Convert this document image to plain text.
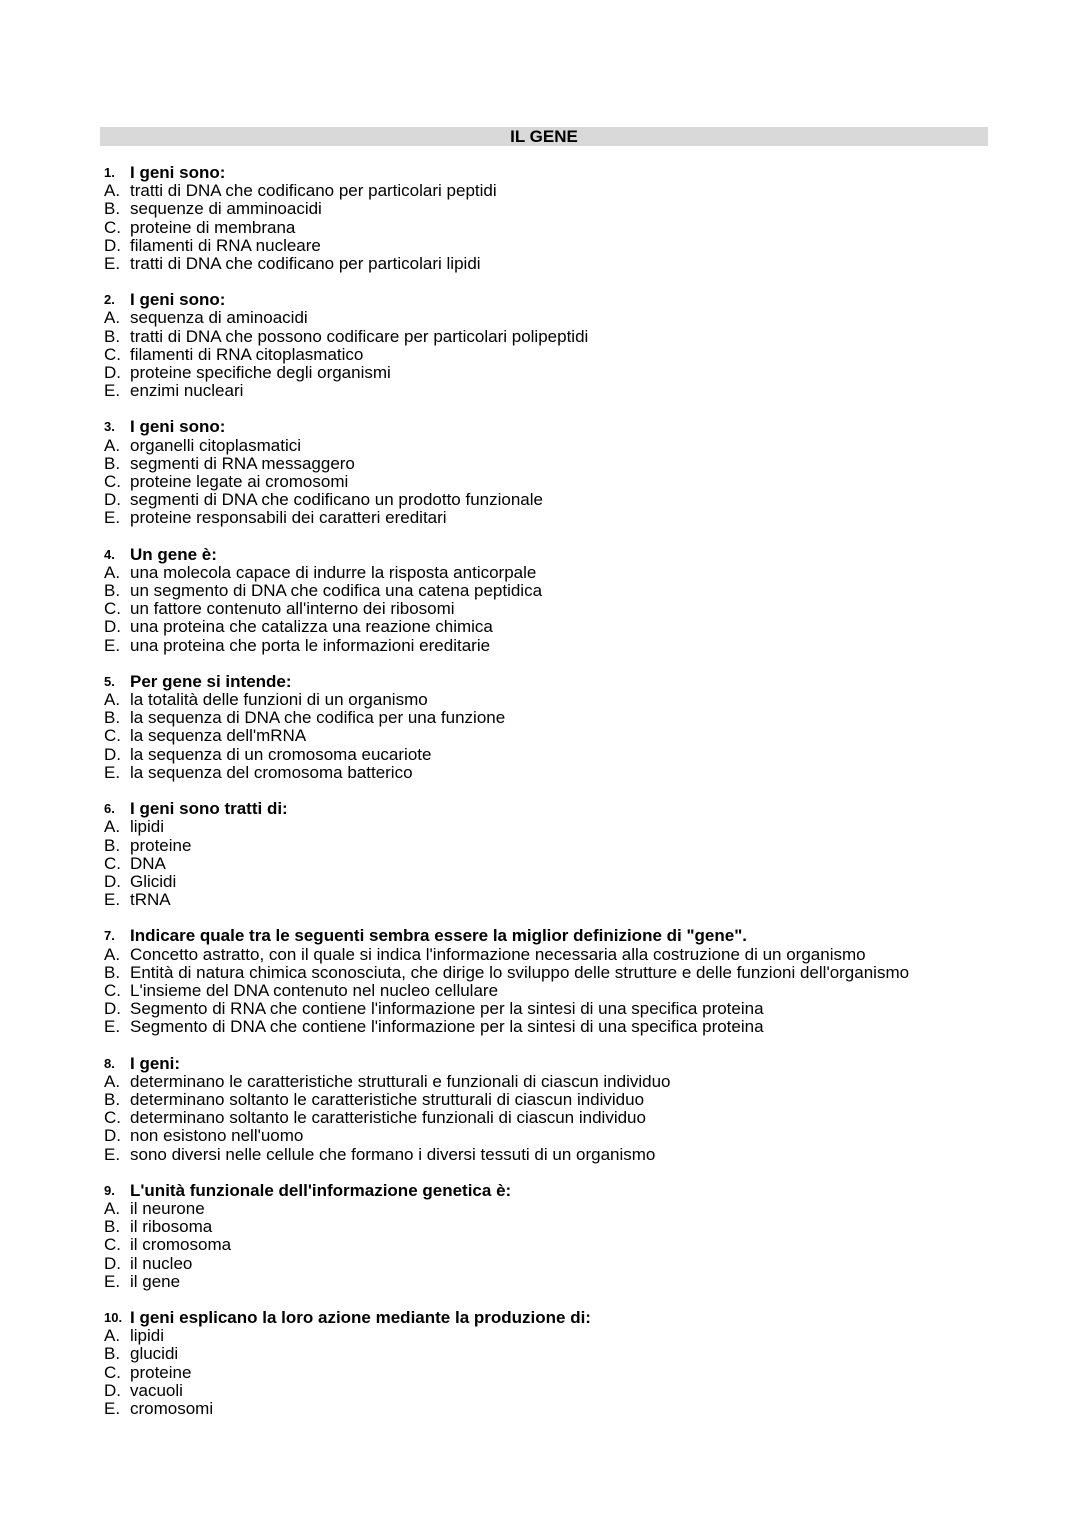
IL GENE
1. I geni sono:
A. tratti di DNA che codificano per particolari peptidi
B. sequenze di amminoacidi
C. proteine di membrana
D. filamenti di RNA nucleare
E. tratti di DNA che codificano per particolari lipidi
2. I geni sono:
A. sequenza di aminoacidi
B. tratti di DNA che possono codificare per particolari polipeptidi
C. filamenti di RNA citoplasmatico
D. proteine specifiche degli organismi
E. enzimi nucleari
3. I geni sono:
A. organelli citoplasmatici
B. segmenti di RNA messaggero
C. proteine legate ai cromosomi
D. segmenti di DNA che codificano un prodotto funzionale
E. proteine responsabili dei caratteri ereditari
4. Un gene è:
A. una molecola capace di indurre la risposta anticorpale
B. un segmento di DNA che codifica una catena peptidica
C. un fattore contenuto all'interno dei ribosomi
D. una proteina che catalizza una reazione chimica
E. una proteina che porta le informazioni ereditarie
5. Per gene si intende:
A. la totalità delle funzioni di un organismo
B. la sequenza di DNA che codifica per una funzione
C. la sequenza dell'mRNA
D. la sequenza di un cromosoma eucariote
E. la sequenza del cromosoma batterico
6. I geni sono tratti di:
A. lipidi
B. proteine
C. DNA
D. Glicidi
E. tRNA
7. Indicare quale tra le seguenti sembra essere la miglior definizione di "gene".
A. Concetto astratto, con il quale si indica l'informazione necessaria alla costruzione di un organismo
B. Entità di natura chimica sconosciuta, che dirige lo sviluppo delle strutture e delle funzioni dell'organismo
C. L'insieme del DNA contenuto nel nucleo cellulare
D. Segmento di RNA che contiene l'informazione per la sintesi di una specifica proteina
E. Segmento di DNA che contiene l'informazione per la sintesi di una specifica proteina
8. I geni:
A. determinano le caratteristiche strutturali e funzionali di ciascun individuo
B. determinano soltanto le caratteristiche strutturali di ciascun individuo
C. determinano soltanto le caratteristiche funzionali di ciascun individuo
D. non esistono nell'uomo
E. sono diversi nelle cellule che formano i diversi tessuti di un organismo
9. L'unità funzionale dell'informazione genetica è:
A. il neurone
B. il ribosoma
C. il cromosoma
D. il nucleo
E. il gene
10. I geni esplicano la loro azione mediante la produzione di:
A. lipidi
B. glucidi
C. proteine
D. vacuoli
E. cromosomi
